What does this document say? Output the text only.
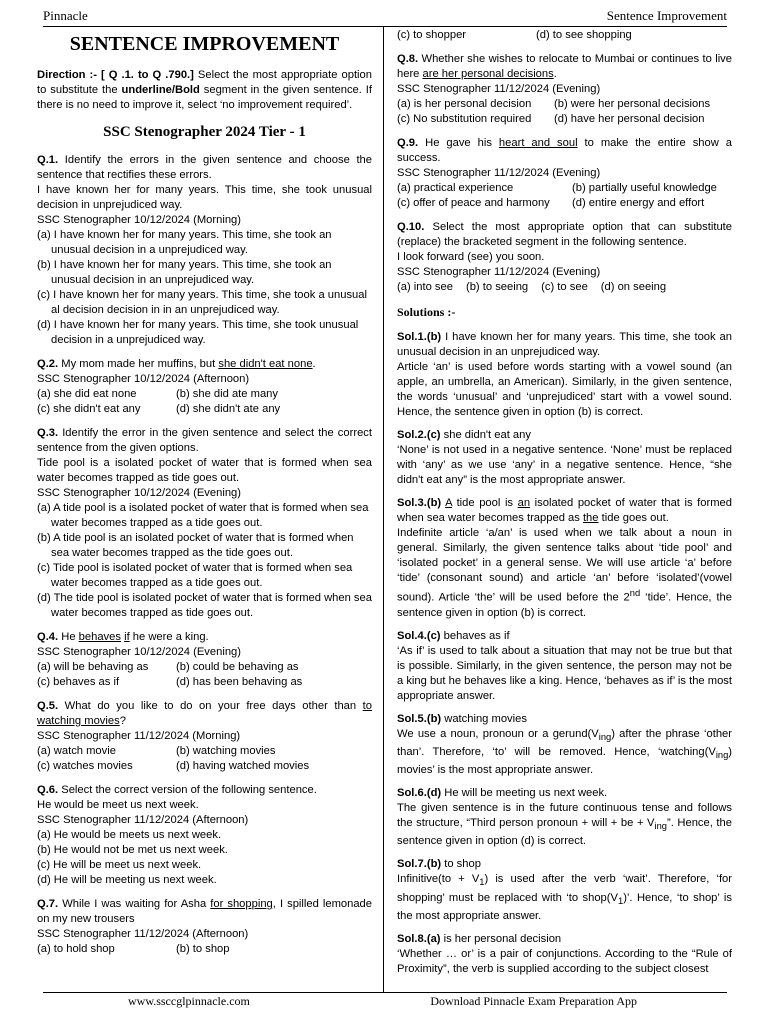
Pinnacle	Sentence Improvement
SENTENCE IMPROVEMENT

Direction :- [ Q .1. to Q .790.] Select the most appropriate option to substitute the underline/Bold segment in the given sentence. If there is no need to improve it, select ‘no improvement required’.

SSC Stenographer 2024 Tier - 1

Q.1. Identify the errors in the given sentence and choose the sentence that rectifies these errors.

I have known her for many years. This time, she took unusual decision in unprejudiced way.

SSC Stenographer 10/12/2024 (Morning)

(a) I have known her for many years. This time, she took an unusual decision in a unprejudiced way.

(b) I have known her for many years. This time, she took an unusual decision in an unprejudiced way.

(c) I have known her for many years. This time, she took a unusual al decision decision in in an unprejudiced way.

(d) I have known her for many years. This time, she took unusual decision in a unprejudiced way.

Q.2. My mom made her muffins, but she didn't eat none.

SSC Stenographer 10/12/2024 (Afternoon)

(a) she did eat none	(b) she did ate many
(c) she didn't eat any	(d) she didn't ate any

Q.3. Identify the error in the given sentence and select the correct sentence from the given options.

Tide pool is a isolated pocket of water that is formed when sea water becomes trapped as tide goes out.

SSC Stenographer 10/12/2024 (Evening)

(a) A tide pool is a isolated pocket of water that is formed when sea water becomes trapped as a tide goes out.

(b) A tide pool is an isolated pocket of water that is formed when sea water becomes trapped as the tide goes out.

(c) Tide pool is isolated pocket of water that is formed when sea water becomes trapped as a tide goes out.

(d) The tide pool is isolated pocket of water that is formed when sea water becomes trapped as tide goes out.

Q.4. He behaves if he were a king.

SSC Stenographer 10/12/2024 (Evening)

(a) will be behaving as	(b) could be behaving as
(c) behaves as if	(d) has been behaving as

Q.5. What do you like to do on your free days other than to watching movies?

SSC Stenographer 11/12/2024 (Morning)

(a) watch movie	(b) watching movies
(c) watches movies	(d) having watched movies

Q.6. Select the correct version of the following sentence.

He would be meet us next week.

SSC Stenographer 11/12/2024 (Afternoon)

(a) He would be meets us next week.

(b) He would not be met us next week.

(c) He will be meet us next week.

(d) He will be meeting us next week.

Q.7. While I was waiting for Asha for shopping, I spilled lemonade on my new trousers

SSC Stenographer 11/12/2024 (Afternoon)

(a) to hold shop	(b) to shop
(c) to shopper	(d) to see shopping

Q.8. Whether she wishes to relocate to Mumbai or continues to live here are her personal decisions.

SSC Stenographer 11/12/2024 (Evening)

(a) is her personal decision	(b) were her personal decisions
(c) No substitution required	(d) have her personal decision

Q.9. He gave his heart and soul to make the entire show a success.

SSC Stenographer 11/12/2024 (Evening)

(a) practical experience	(b) partially useful knowledge
(c) offer of peace and harmony	(d) entire energy and effort

Q.10. Select the most appropriate option that can substitute (replace) the bracketed segment in the following sentence.

I look forward (see) you soon.

SSC Stenographer 11/12/2024 (Evening)

(a) into see (b) to seeing (c) to see (d) on seeing

Solutions :-

Sol.1.(b) I have known her for many years. This time, she took an unusual decision in an unprejudiced way.

Article ‘an’ is used before words starting with a vowel sound (an apple, an umbrella, an American). Similarly, in the given sentence, the words ‘unusual’ and ‘unprejudiced’ start with a vowel sound. Hence, the sentence given in option (b) is correct.

Sol.2.(c) she didn't eat any

‘None’ is not used in a negative sentence. ‘None’ must be replaced with ‘any’ as we use ‘any’ in a negative sentence. Hence, “she didn't eat any” is the most appropriate answer.

Sol.3.(b) A tide pool is an isolated pocket of water that is formed when sea water becomes trapped as the tide goes out.

Indefinite article ‘a/an’ is used when we talk about a noun in general. Similarly, the given sentence talks about ‘tide pool’ and ‘isolated pocket’ in a general sense. We will use article ‘a’ before ‘tide’ (consonant sound) and article ‘an’ before ‘isolated’(vowel sound). Article ‘the’ will be used before the 2nd ‘tide’. Hence, the sentence given in option (b) is correct.

Sol.4.(c) behaves as if

‘As if’ is used to talk about a situation that may not be true but that is possible. Similarly, in the given sentence, the person may not be a king but he behaves like a king. Hence, ‘behaves as if’ is the most appropriate answer.

Sol.5.(b) watching movies

We use a noun, pronoun or a $gerund(V_{ing})$ after the phrase ‘other than’. Therefore, ‘to’ will be removed. Hence, ‘$watching(V_{ing})$ movies’ is the most appropriate answer.

Sol.6.(d) He will be meeting us next week.

The given sentence is in the future continuous tense and follows the structure, “Third person pronoun + will + be + $V_{ing}$”. Hence, the sentence given in option (d) is correct.

Sol.7.(b) to shop

Infinitive(to + $V_1$) is used after the verb ‘wait’. Therefore, ‘for shopping’ must be replaced with ‘to $shop(V_1)$’. Hence, ‘to shop’ is the most appropriate answer.

Sol.8.(a) is her personal decision

‘Whether … or’ is a pair of conjunctions. According to the “Rule of Proximity”, the verb is supplied according to the subject closest

www.ssccglpinnacle.com	Download Pinnacle Exam Preparation App
